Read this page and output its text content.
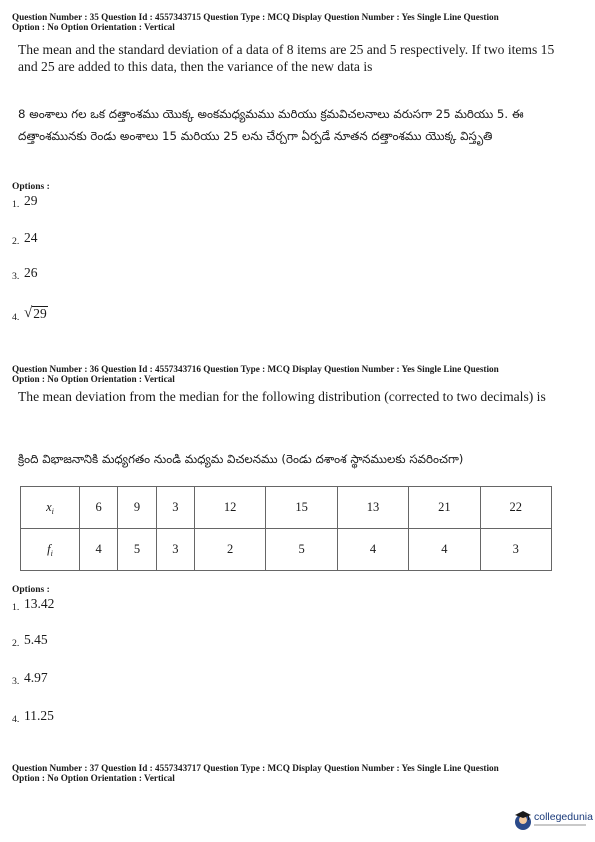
Question Number : 35 Question Id : 4557343715 Question Type : MCQ Display Question Number : Yes Single Line Question
Option : No Option Orientation : Vertical
The mean and the standard deviation of a data of 8 items are 25 and 5 respectively. If two items 15 and 25 are added to this data, then the variance of the new data is
8 అంశాలు గల ఒక దత్తాంశము యొక్క అంకమధ్యమము మరియు క్రమవిచలనాలు వరుసగా 25 మరియు 5. ఈ దత్తాంశమునకు రెండు అంశాలు 15 మరియు 25 లను చేర్చగా ఏర్పడే నూతన దత్తాంశము యొక్క విస్తృతి
Options :
1. 29
2. 24
3. 26
4. √ 29
Question Number : 36 Question Id : 4557343716 Question Type : MCQ Display Question Number : Yes Single Line Question
Option : No Option Orientation : Vertical
The mean deviation from the median for the following distribution (corrected to two decimals) is
క్రింది విభాజనానికి మధ్యగతం నుండి మధ్యమ విచలనము (రెండు దశాంశ స్థానములకు సవరించగా)
$x_i$	6	9	3	12	15	13	21	22
$f_i$	4	5	3	2	5	4	4	3
Options :
1. 13.42
2. 5.45
3. 4.97
4. 11.25
Question Number : 37 Question Id : 4557343717 Question Type : MCQ Display Question Number : Yes Single Line Question
Option : No Option Orientation : Vertical
collegedunia
